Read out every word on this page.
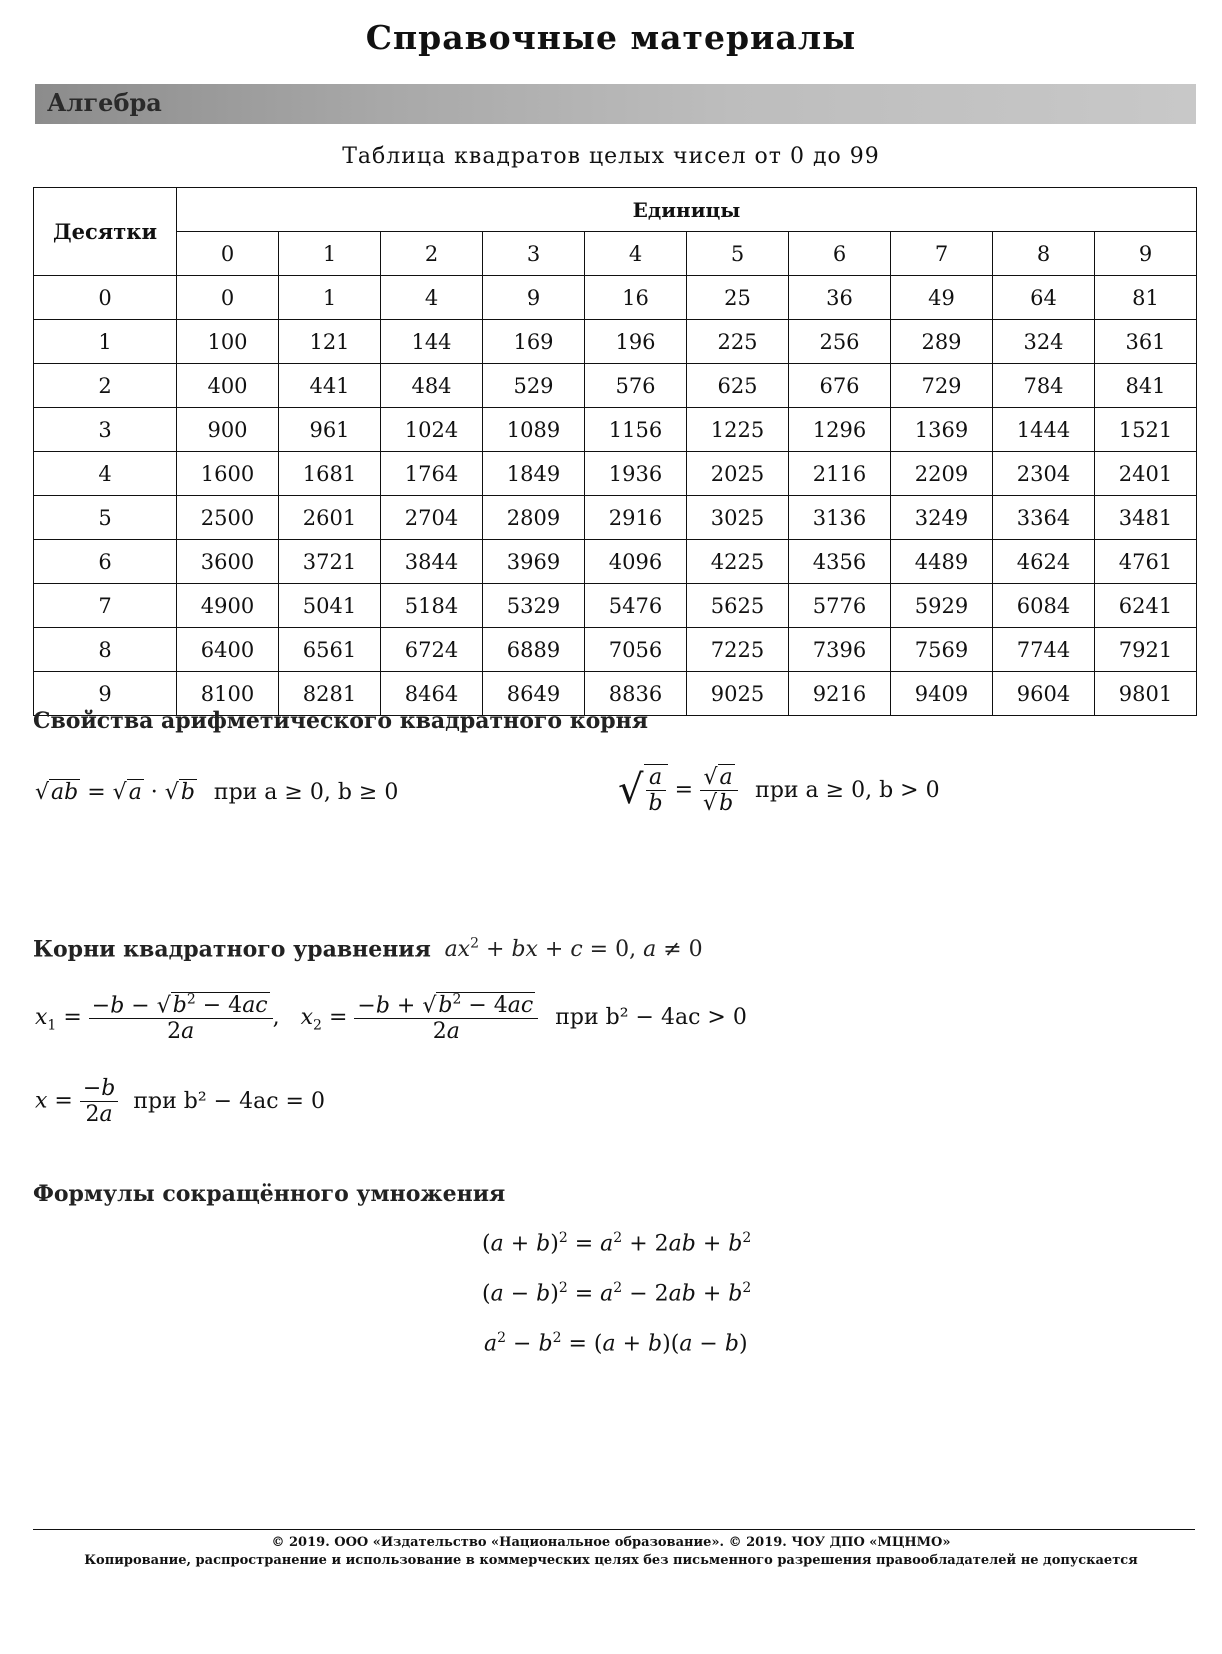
Справочные материалы
Алгебра
Таблица квадратов целых чисел от 0 до 99
Десятки	Единицы									
	0	1	2	3	4	5	6	7	8	9
0	0	1	4	9	16	25	36	49	64	81
1	100	121	144	169	196	225	256	289	324	361
2	400	441	484	529	576	625	676	729	784	841
3	900	961	1024	1089	1156	1225	1296	1369	1444	1521
4	1600	1681	1764	1849	1936	2025	2116	2209	2304	2401
5	2500	2601	2704	2809	2916	3025	3136	3249	3364	3481
6	3600	3721	3844	3969	4096	4225	4356	4489	4624	4761
7	4900	5041	5184	5329	5476	5625	5776	5929	6084	6241
8	6400	6561	6724	6889	7056	7225	7396	7569	7744	7921
9	8100	8281	8464	8649	8836	9025	9216	9409	9604	9801
Свойства арифметического квадратного корня
√ab = √a · √b при a ≥ 0, b ≥ 0	√ $\frac{a}{b} = \frac{√a}{√b}$ при a ≥ 0, b > 0
Корни квадратного уравнения $ax^2$ + bx + c = 0, a ≠ 0
$x_1 = \frac{-b - √b^2 - 4ac}{2a}$ ,   $x_2 = \frac{-b + √b^2 - 4ac}{2a}$ при b² − 4ac > 0
$x = \frac{-b}{2a}$ при b² − 4ac = 0
Формулы сокращённого умножения
$(a + b)^2 = a^2 + 2ab + b^2$
$(a - b)^2 = a^2 - 2ab + b^2$
$a^2 - b^2 = (a + b)(a - b)$
© 2019. ООО «Издательство «Национальное образование». © 2019. ЧОУ ДПО «МЦНМО»
Копирование, распространение и использование в коммерческих целях без письменного разрешения правообладателей не допускается
